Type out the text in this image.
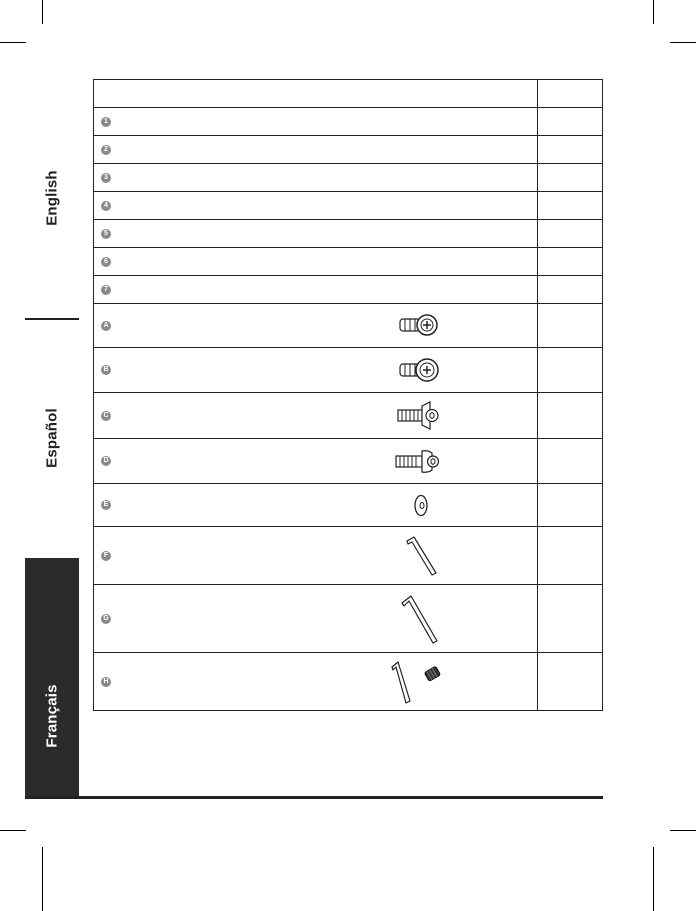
English
Español
Français

1	

2	

3	

4	

5	

6	

7	

A	

B	

C	

D	

E	

F	

G	

H	
